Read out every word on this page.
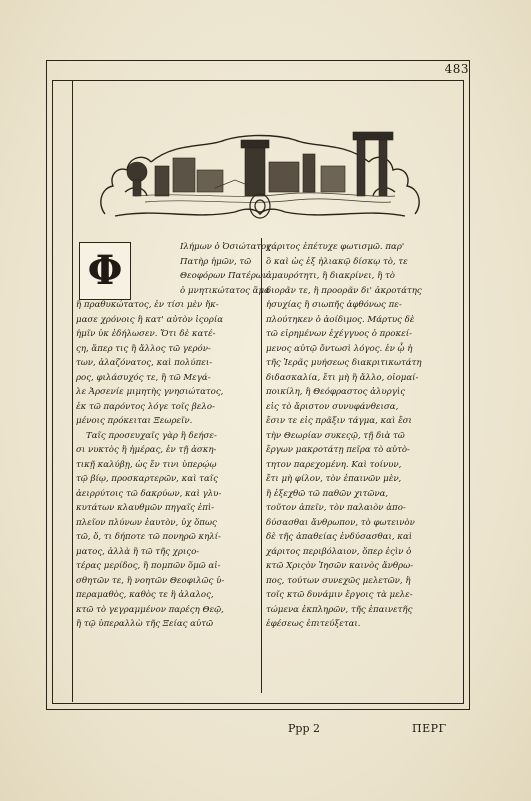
483
Φ	Ιλήμων ὁ Ὀσιώτατος
Πατὴρ ἡμῶν, τῶ
Θεοφόρων Πατέρων
ὁ μνητικώτατος ἅμα
ἢ πραθυκώτατος, ἐν τίσι μὲν ἤκ-
μασε χρόνοις ἢ κατ' αὐτὸν ἱςορία
ἡμῖν ὐκ ἐδήλωσεν. Ὅτι δὲ κατέ-
ςη, ἅπερ τις ἢ ἄλλος τῶ γερόν-
των, ἀλαζόνατος, καὶ πολύπει-
ρος, φιλάσυχός τε, ἢ τῶ Μεγά-
λε Ἀρσενίε μιμητὴς γνησιώτατος,
ἐκ τῶ παρόντος λόγε τοῖς βελο-
μένοις πρόκειται Ξεωρεῖν.
Ταῖς προσευχαῖς γὰρ ἢ δεήσε-
σι νυκτὸς ἢ ἡμέρας, ἐν τῇ ἀσκη-
τικῇ καλύβῃ, ὡς ἔν τινι ὑπερῴῳ
τῷ βίῳ, προσκαρτερῶν, καὶ ταῖς
ἀειρρύτοις τῶ δακρύων, καὶ γλυ-
κυτάτων κλαυθμῶν πηγαῖς ἐπὶ-
πλεῖον πλύνων ἑαυτὸν, ὐχ ὅπως
τῶ, ὅ, τι δήποτε τῶ πονηρῶ κηλί-
ματος, ἀλλὰ ἢ τῶ τῆς χριςο-
τέρας μερίδος, ἢ πομπῶν ὅμῶ αἰ-
σθητῶν τε, ἢ νοητῶν Θεοφιλῶς ὑ-
περαμαθὸς, καθὸς τε ἢ ἀλαλος,
κτῶ τὸ γεγραμμένον παρέςη Θεῷ,
ἢ τῷ ὑπεραλλὼ τῆς Ξείας αὐτῶ
χάριτος ἐπέτυχε φωτισμῶ. παρ'
ὃ καὶ ὡς ἐξ ἠλιακῷ δίσκῳ τὸ, τε
ἀμαυρότητι, ἢ διακρίνει, ἢ τὸ
διορᾶν τε, ἢ προορᾶν δι' ἀκροτάτης
ἡσυχίας ἢ σιωπῆς ἀφθόνως πε-
πλούτηκεν ὁ ἀοίδιμος. Μάρτυς δὲ
τῶ εἰρημένων ἐχέγγυος ὁ προκεί-
μενος αὐτῷ ὄντωσὶ λόγος. ἐν ᾧ ἡ
τῆς Ἱερᾶς μυήσεως διακριτικωτάτη
διδασκαλία, ἔτι μὴ ἢ ἄλλο, οἱομαί-
ποικίλη, ἢ Θεόφραστος ἀλυργὶς
εἰς τὸ ἄριστον συνυφάνθεισα,
ἔσιν τε εἰς πρᾶξιν τάγμα, καὶ ἔσι
τὴν Θεωρίαν συκεςῷ, τῇ διὰ τῶ
ἔργων μακροτάτῃ πεῖρα τὸ αὐτὸ-
τητον παρεχομένη. Καὶ τοίνυν,
ἔτι μὴ φίλον, τὸν ἐπαινῶν μὲν,
ἢ ἐξεχθῶ τῶ παθῶν χιτῶνα,
τοῦτον ἀπεῖν, τὸν παλαιὸν ἀπο-
δύσασθαι ἄνθρωπον, τὸ φωτεινὸν
δὲ τῆς ἀπαθείας ἐνδύσασθαι, καὶ
χάριτος περιβόλαιον, ὅπερ ἐςὶν ὁ
κτῶ Χριςὸν Ἰησῶν καινὸς ἄνθρω-
πος, τούτων συνεχῶς μελετῶν, ἢ
τοῖς κτῶ δυνάμιν ἔργοις τὰ μελε-
τώμενα ἐκπληρῶν, τῆς ἐπαινετῆς
ἐφέσεως ἐπιτεύξεται.
Ppp 2	ΠΕΡΓ
